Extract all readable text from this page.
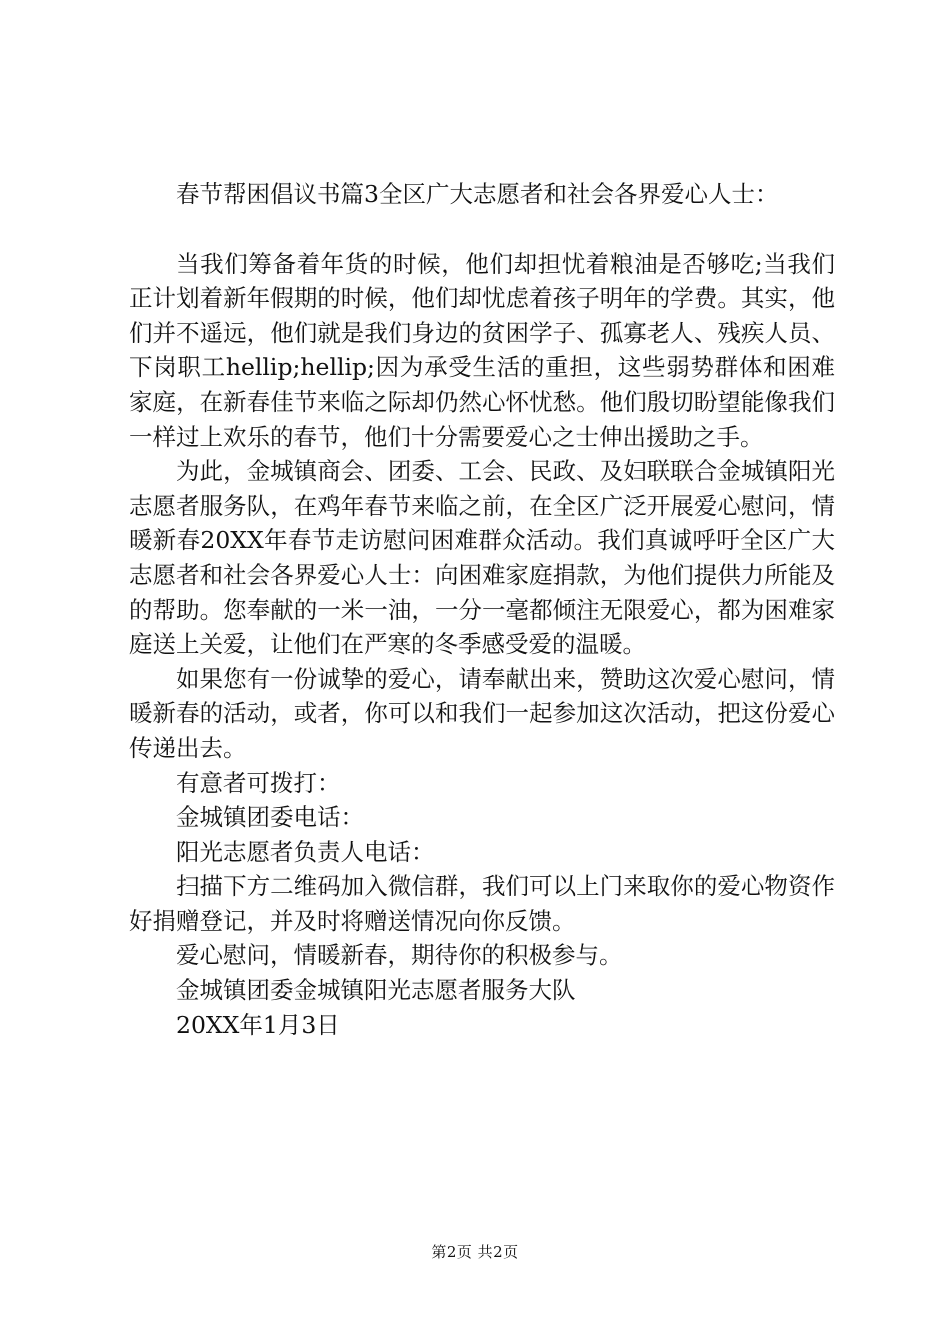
春节帮困倡议书篇3全区广大志愿者和社会各界爱心人士：

当我们筹备着年货的时候，他们却担忧着粮油是否够吃;当我们正计划着新年假期的时候，他们却忧虑着孩子明年的学费。其实，他们并不遥远，他们就是我们身边的贫困学子、孤寡老人、残疾人员、下岗职工hellip;hellip;因为承受生活的重担，这些弱势群体和困难家庭，在新春佳节来临之际却仍然心怀忧愁。他们殷切盼望能像我们一样过上欢乐的春节，他们十分需要爱心之士伸出援助之手。

为此，金城镇商会、团委、工会、民政、及妇联联合金城镇阳光志愿者服务队，在鸡年春节来临之前，在全区广泛开展爱心慰问，情暖新春20XX年春节走访慰问困难群众活动。我们真诚呼吁全区广大志愿者和社会各界爱心人士：向困难家庭捐款，为他们提供力所能及的帮助。您奉献的一米一油，一分一毫都倾注无限爱心，都为困难家庭送上关爱，让他们在严寒的冬季感受爱的温暖。

如果您有一份诚挚的爱心，请奉献出来，赞助这次爱心慰问，情暖新春的活动，或者，你可以和我们一起参加这次活动，把这份爱心传递出去。

有意者可拨打：

金城镇团委电话：

阳光志愿者负责人电话：

扫描下方二维码加入微信群，我们可以上门来取你的爱心物资作好捐赠登记，并及时将赠送情况向你反馈。

爱心慰问，情暖新春，期待你的积极参与。

金城镇团委金城镇阳光志愿者服务大队

20XX年1月3日

第2页 共2页
